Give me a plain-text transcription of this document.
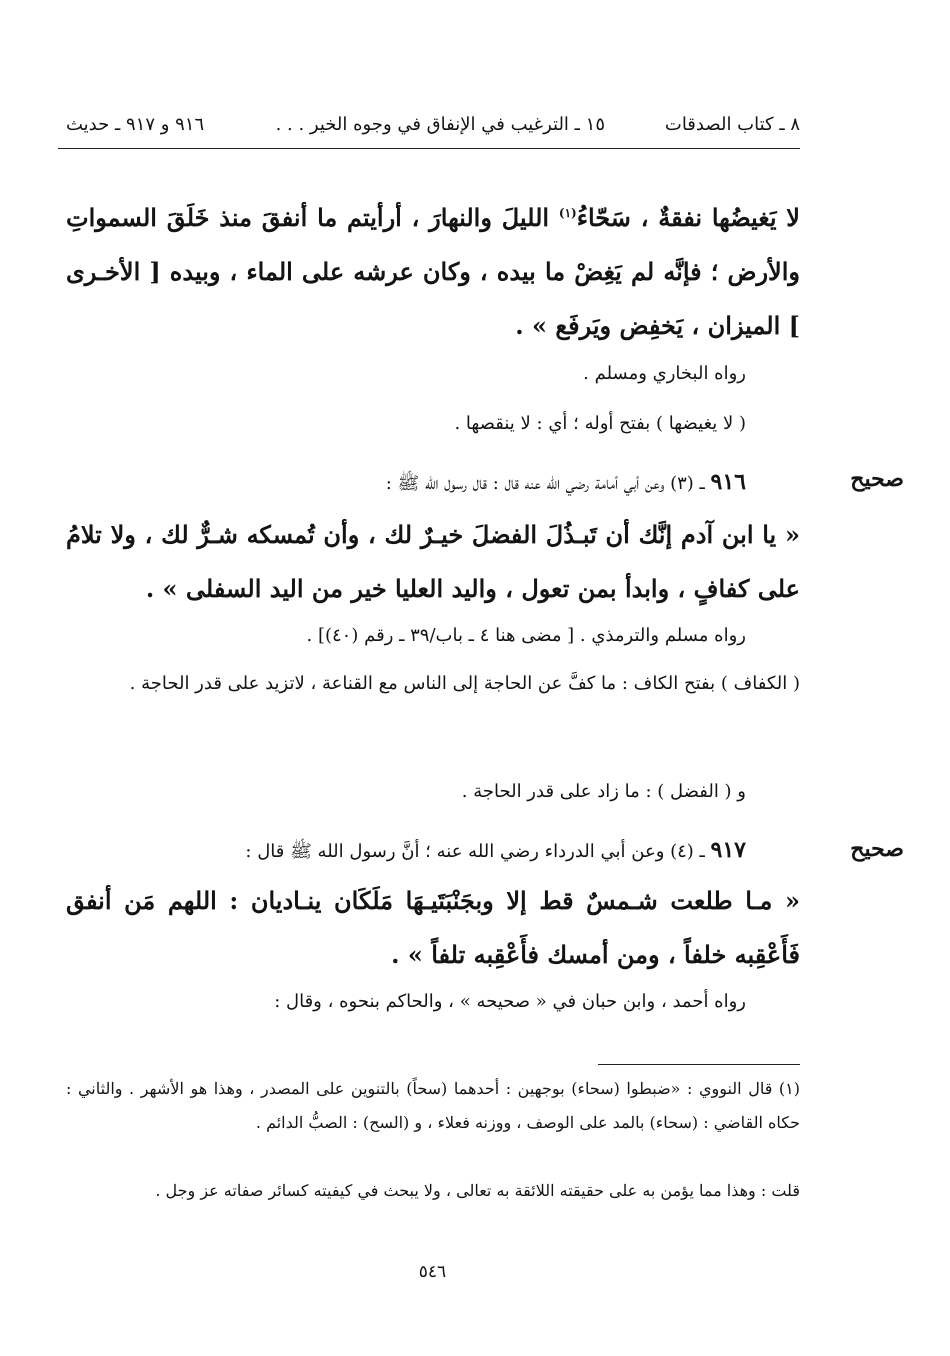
٨ ـ كتاب الصدقات
١٥ ـ الترغيب في الإنفاق في وجوه الخير . . .
٩١٦ و ٩١٧ ـ حديث
لا يَغيضُها نفقةٌ ، سَحّاءُ$^{(١)}$ الليلَ والنهارَ ، أرأيتم ما أنفقَ منذ خَلَقَ السمواتِ والأرض ؛ فإنَّه لم يَغِضْ ما بيده ، وكان عرشه على الماء ، وبيده [ الأخـرى ] الميزان ، يَخفِض ويَرفَع » .
رواه البخاري ومسلم .
( لا يغيضها ) بفتح أوله ؛ أي : لا ينقصها .
صحيح
٩١٦ ـ (٣) وعن أبي أمامة رضي الله عنه قال : قال رسول الله ﷺ :
« يا ابن آدم إنَّك أن تَبـذُلَ الفضلَ خيـرٌ لك ، وأن تُمسكه شـرٌّ لك ، ولا تلامُ على كفافٍ ، وابدأ بمن تعول ، واليد العليا خير من اليد السفلى » .
رواه مسلم والترمذي . [ مضى هنا ٤ ـ باب/٣٩ ـ رقم (٤٠)] .
( الكفاف ) بفتح الكاف : ما كفَّ عن الحاجة إلى الناس مع القناعة ، لاتزيد على قدر الحاجة .
و ( الفضل ) : ما زاد على قدر الحاجة .
صحيح
٩١٧ ـ (٤) وعن أبي الدرداء رضي الله عنه ؛ أنَّ رسول الله ﷺ قال :
« مـا طلعت شـمسٌ قط إلا وبجَنْبَتَيـهَا مَلَكَان ينـاديان : اللهم مَن أنفق فَأَعْقِبه خلفاً ، ومن أمسك فأَعْقِبه تلفاً » .
رواه أحمد ، وابن حبان في « صحيحه » ، والحاكم بنحوه ، وقال :
(١) قال النووي : «ضبطوا (سحاء) بوجهين : أحدهما (سحاً) بالتنوين على المصدر ، وهذا هو الأشهر . والثاني : حكاه القاضي : (سحاء) بالمد على الوصف ، ووزنه فعلاء ، و (السح) : الصبُّ الدائم .
قلت : وهذا مما يؤمن به على حقيقته اللائقة به تعالى ، ولا يبحث في كيفيته كسائر صفاته عز وجل .
٥٤٦
